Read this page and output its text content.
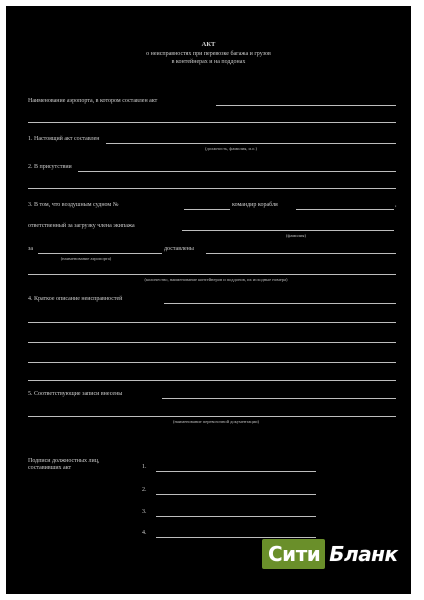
АКТ
о неисправностях при перевозке багажа и грузов
в контейнерах и на поддонах
Наименование аэропорта, в котором составлен акт
1. Настоящий акт составлен
(должность, фамилия, и.о.)
2. В присутствии
3. В том, что воздушным судном №	командир корабля	,
ответственный за загрузку члена экипажа
(фамилия)
за	доставлены
(наименование аэропорта)
(количество, наименование контейнеров и поддонов, их исходные номера)
4. Краткое описание неисправностей
5. Соответствующие записи внесены
(наименование перевозочной документации)
Подписи должностных лиц,
составивших акт	1.
2.
3.
4.
Сити Бланк
